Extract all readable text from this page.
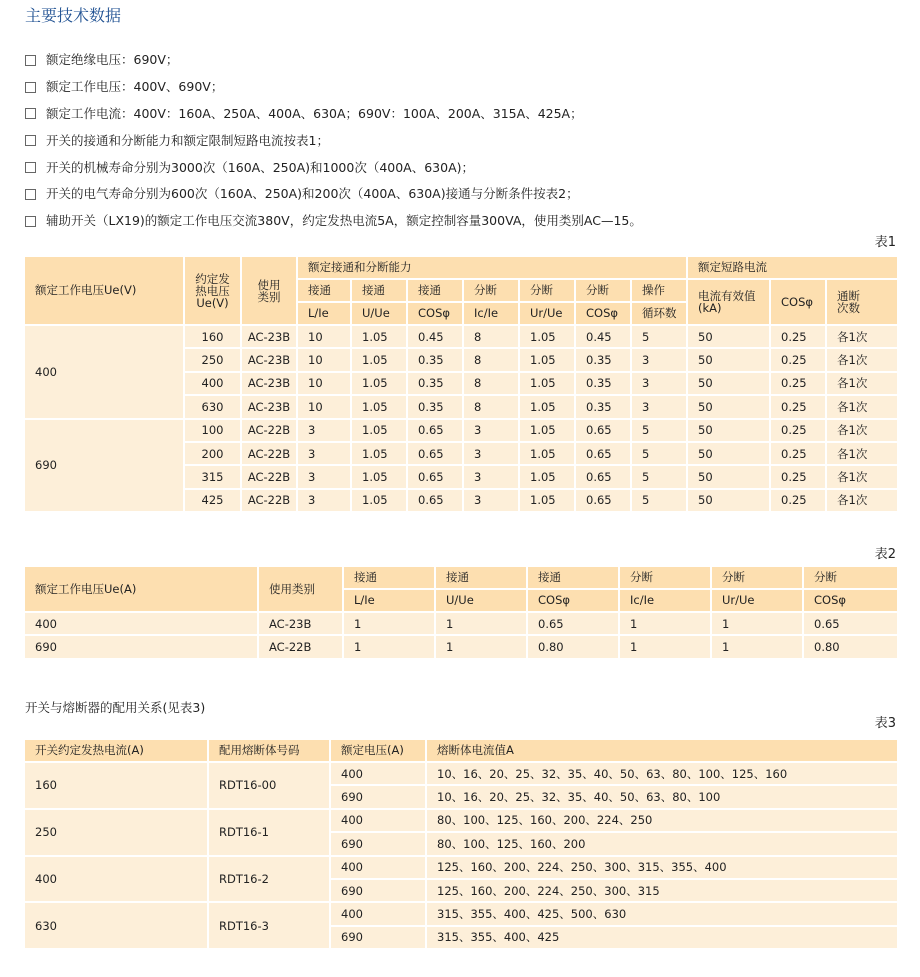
主要技术数据
额定绝缘电压：690V；
额定工作电压：400V、690V；
额定工作电流：400V：160A、250A、400A、630A；690V：100A、200A、315A、425A；
开关的接通和分断能力和额定限制短路电流按表1；
开关的机械寿命分别为3000次（160A、250A)和1000次（400A、630A)；
开关的电气寿命分别为600次（160A、250A)和200次（400A、630A)接通与分断条件按表2；
辅助开关（LX19)的额定工作电压交流380V，约定发热电流5A，额定控制容量300VA，使用类别AC—15。
表1
额定工作电压Ue(V)	约定发热电压Ue(V)	使用类别	额定接通和分断能力							额定短路电流		
			接通	接通	接通	分断	分断	分断	操作	电流有效值(kA)	COSφ	通断次数
			L/Ie	U/Ue	COSφ	Ic/Ie	Ur/Ue	COSφ	循环数			
400	160	AC-23B	10	1.05	0.45	8	1.05	0.45	5	50	0.25	各1次
	250	AC-23B	10	1.05	0.35	8	1.05	0.35	3	50	0.25	各1次
	400	AC-23B	10	1.05	0.35	8	1.05	0.35	3	50	0.25	各1次
	630	AC-23B	10	1.05	0.35	8	1.05	0.35	3	50	0.25	各1次
690	100	AC-22B	3	1.05	0.65	3	1.05	0.65	5	50	0.25	各1次
	200	AC-22B	3	1.05	0.65	3	1.05	0.65	5	50	0.25	各1次
	315	AC-22B	3	1.05	0.65	3	1.05	0.65	5	50	0.25	各1次
	425	AC-22B	3	1.05	0.65	3	1.05	0.65	5	50	0.25	各1次
表2
额定工作电压Ue(A)	使用类别	接通	接通	接通	分断	分断	分断
		L/Ie	U/Ue	COSφ	Ic/Ie	Ur/Ue	COSφ
400	AC-23B	1	1	0.65	1	1	0.65
690	AC-22B	1	1	0.80	1	1	0.80
开关与熔断器的配用关系(见表3)
表3
开关约定发热电流(A)	配用熔断体号码	额定电压(A)	熔断体电流值A
160	RDT16-00	400	10、16、20、25、32、35、40、50、63、80、100、125、160
		690	10、16、20、25、32、35、40、50、63、80、100
250	RDT16-1	400	80、100、125、160、200、224、250
		690	80、100、125、160、200
400	RDT16-2	400	125、160、200、224、250、300、315、355、400
		690	125、160、200、224、250、300、315
630	RDT16-3	400	315、355、400、425、500、630
		690	315、355、400、425
